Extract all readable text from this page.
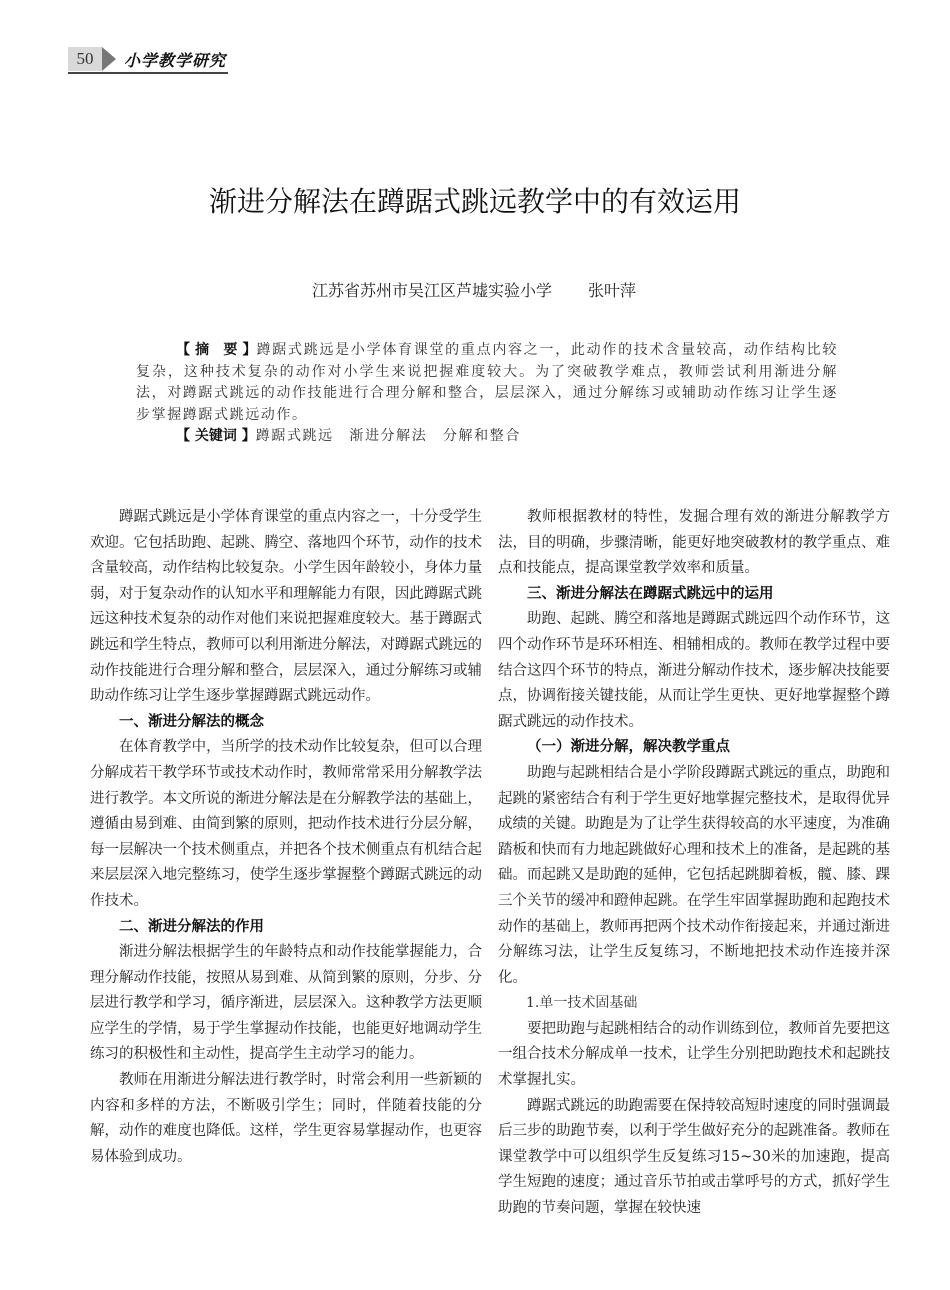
50	小学教学研究
渐进分解法在蹲踞式跳远教学中的有效运用
江苏省苏州市吴江区芦墟实验小学 张叶萍

【 摘　要 】蹲踞式跳远是小学体育课堂的重点内容之一，此动作的技术含量较高，动作结构比较复杂，这种技术复杂的动作对小学生来说把握难度较大。为了突破教学难点，教师尝试利用渐进分解法，对蹲踞式跳远的动作技能进行合理分解和整合，层层深入，通过分解练习或辅助动作练习让学生逐步掌握蹲踞式跳远动作。

【 关键词 】蹲踞式跳远　渐进分解法　分解和整合

蹲踞式跳远是小学体育课堂的重点内容之一，十分受学生欢迎。它包括助跑、起跳、腾空、落地四个环节，动作的技术含量较高，动作结构比较复杂。小学生因年龄较小，身体力量弱，对于复杂动作的认知水平和理解能力有限，因此蹲踞式跳远这种技术复杂的动作对他们来说把握难度较大。基于蹲踞式跳远和学生特点，教师可以利用渐进分解法，对蹲踞式跳远的动作技能进行合理分解和整合，层层深入，通过分解练习或辅助动作练习让学生逐步掌握蹲踞式跳远动作。

一、渐进分解法的概念

在体育教学中，当所学的技术动作比较复杂，但可以合理分解成若干教学环节或技术动作时，教师常常采用分解教学法进行教学。本文所说的渐进分解法是在分解教学法的基础上，遵循由易到难、由简到繁的原则，把动作技术进行分层分解，每一层解决一个技术侧重点，并把各个技术侧重点有机结合起来层层深入地完整练习，使学生逐步掌握整个蹲踞式跳远的动作技术。

二、渐进分解法的作用

渐进分解法根据学生的年龄特点和动作技能掌握能力，合理分解动作技能，按照从易到难、从简到繁的原则，分步、分层进行教学和学习，循序渐进，层层深入。这种教学方法更顺应学生的学情，易于学生掌握动作技能，也能更好地调动学生练习的积极性和主动性，提高学生主动学习的能力。

教师在用渐进分解法进行教学时，时常会利用一些新颖的内容和多样的方法，不断吸引学生；同时，伴随着技能的分解，动作的难度也降低。这样，学生更容易掌握动作，也更容易体验到成功。

教师根据教材的特性，发掘合理有效的渐进分解教学方法，目的明确，步骤清晰，能更好地突破教材的教学重点、难点和技能点，提高课堂教学效率和质量。

三、渐进分解法在蹲踞式跳远中的运用

助跑、起跳、腾空和落地是蹲踞式跳远四个动作环节，这四个动作环节是环环相连、相辅相成的。教师在教学过程中要结合这四个环节的特点，渐进分解动作技术，逐步解决技能要点，协调衔接关键技能，从而让学生更快、更好地掌握整个蹲踞式跳远的动作技术。

（一）渐进分解，解决教学重点

助跑与起跳相结合是小学阶段蹲踞式跳远的重点，助跑和起跳的紧密结合有利于学生更好地掌握完整技术，是取得优异成绩的关键。助跑是为了让学生获得较高的水平速度，为准确踏板和快而有力地起跳做好心理和技术上的准备，是起跳的基础。而起跳又是助跑的延伸，它包括起跳脚着板，髋、膝、踝三个关节的缓冲和蹬伸起跳。在学生牢固掌握助跑和起跑技术动作的基础上，教师再把两个技术动作衔接起来，并通过渐进分解练习法，让学生反复练习，不断地把技术动作连接并深化。

1.单一技术固基础

要把助跑与起跳相结合的动作训练到位，教师首先要把这一组合技术分解成单一技术，让学生分别把助跑技术和起跳技术掌握扎实。

蹲踞式跳远的助跑需要在保持较高短时速度的同时强调最后三步的助跑节奏，以利于学生做好充分的起跳准备。教师在课堂教学中可以组织学生反复练习15~30米的加速跑，提高学生短跑的速度；通过音乐节拍或击掌呼号的方式，抓好学生助跑的节奏问题，掌握在较快速
